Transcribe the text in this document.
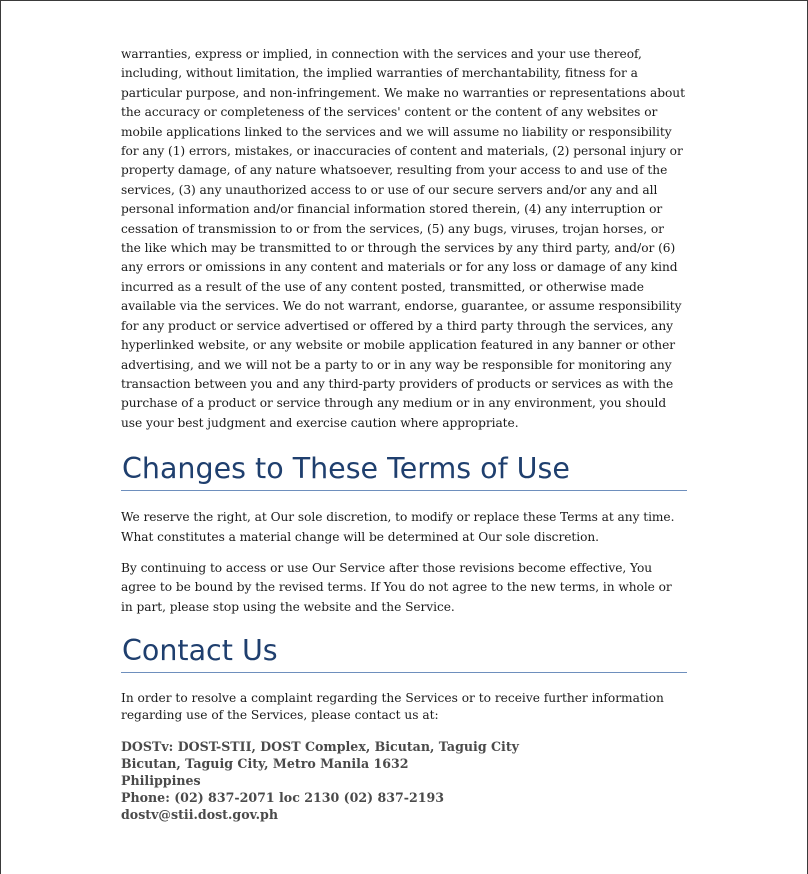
warranties, express or implied, in connection with the services and your use thereof, including, without limitation, the implied warranties of merchantability, fitness for a particular purpose, and non-infringement. We make no warranties or representations about the accuracy or completeness of the services' content or the content of any websites or mobile applications linked to the services and we will assume no liability or responsibility for any (1) errors, mistakes, or inaccuracies of content and materials, (2) personal injury or property damage, of any nature whatsoever, resulting from your access to and use of the services, (3) any unauthorized access to or use of our secure servers and/or any and all personal information and/or financial information stored therein, (4) any interruption or cessation of transmission to or from the services, (5) any bugs, viruses, trojan horses, or the like which may be transmitted to or through the services by any third party, and/or (6) any errors or omissions in any content and materials or for any loss or damage of any kind incurred as a result of the use of any content posted, transmitted, or otherwise made available via the services. We do not warrant, endorse, guarantee, or assume responsibility for any product or service advertised or offered by a third party through the services, any hyperlinked website, or any website or mobile application featured in any banner or other advertising, and we will not be a party to or in any way be responsible for monitoring any transaction between you and any third-party providers of products or services as with the purchase of a product or service through any medium or in any environment, you should use your best judgment and exercise caution where appropriate.

Changes to These Terms of Use

We reserve the right, at Our sole discretion, to modify or replace these Terms at any time. What constitutes a material change will be determined at Our sole discretion.

By continuing to access or use Our Service after those revisions become effective, You agree to be bound by the revised terms. If You do not agree to the new terms, in whole or in part, please stop using the website and the Service.

Contact Us

In order to resolve a complaint regarding the Services or to receive further information regarding use of the Services, please contact us at:

DOSTv: DOST-STII, DOST Complex, Bicutan, Taguig City
Bicutan, Taguig City, Metro Manila 1632
Philippines
Phone: (02) 837-2071 loc 2130 (02) 837-2193
dostv@stii.dost.gov.ph
